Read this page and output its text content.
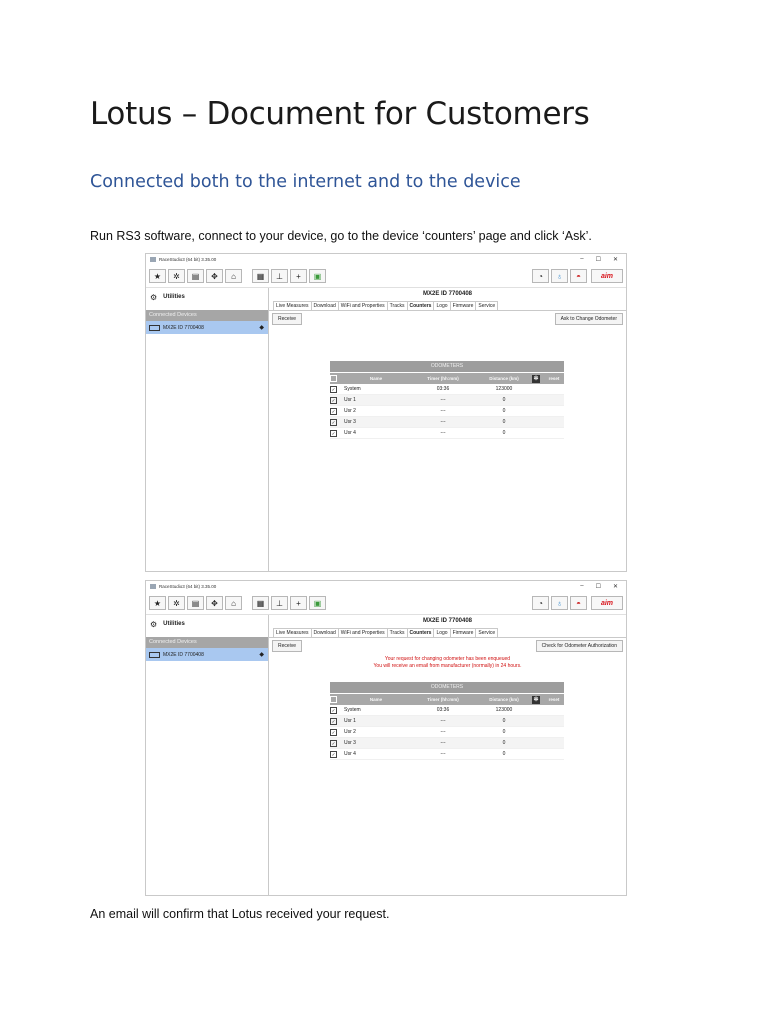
Lotus – Document for Customers
Connected both to the internet and to the device

Run RS3 software, connect to your device, go to the device ‘counters’ page and click ‘Ask’.

RaceStudio3 (64 bit) 3.35.00	– ☐ ✕
★	✲	▤	✥	⌂	▦	⊥	+	▣	◔	♁	◓	aim
⚙ Utilities
Connected Devices
MX2E ID 7700408	◆
MX2E ID 7700408
Live Measures	Download	WiFi and Properties	Tracks	Counters	Logo	Firmware	Service
Receive	Ask to Change Odometer
ODOMETERS
Name	Timer (hh:mm)	Distance (km)	✲	reset
✓	System	03:36	123000
✓	Usr 1	---	0
✓	Usr 2	---	0
✓	Usr 3	---	0
✓	Usr 4	---	0
RaceStudio3 (64 bit) 3.35.00	– ☐ ✕
★	✲	▤	✥	⌂	▦	⊥	+	▣	◔	♁	◓	aim
⚙ Utilities
Connected Devices
MX2E ID 7700408	◆
MX2E ID 7700408
Live Measures	Download	WiFi and Properties	Tracks	Counters	Logo	Firmware	Service
Receive	Check for Odometer Authorization
Your request for changing odometer has been enqueued
You will receive an email from manufacturer (normally) in 24 hours.
ODOMETERS
Name	Timer (hh:mm)	Distance (km)	✲	reset
✓	System	03:36	123000
✓	Usr 1	---	0
✓	Usr 2	---	0
✓	Usr 3	---	0
✓	Usr 4	---	0

An email will confirm that Lotus received your request.
